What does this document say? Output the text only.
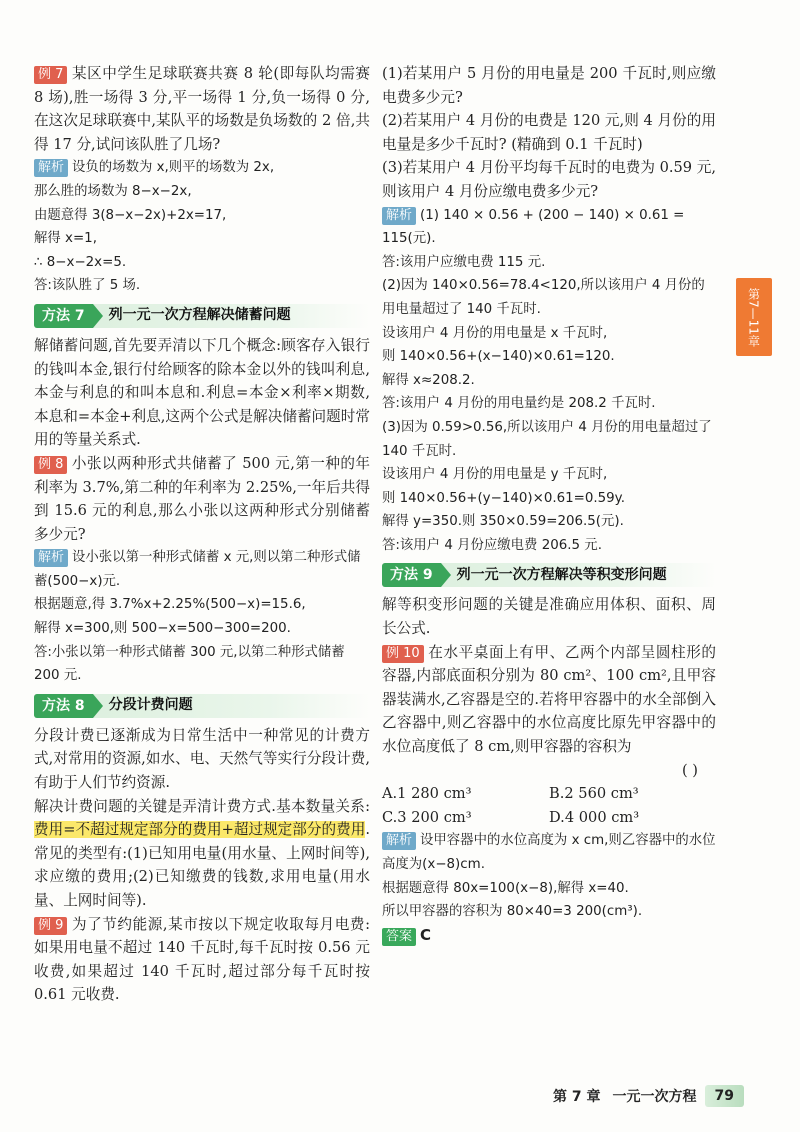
例 7 某区中学生足球联赛共赛 8 轮(即每队均需赛 8 场),胜一场得 3 分,平一场得 1 分,负一场得 0 分,在这次足球联赛中,某队平的场数是负场数的 2 倍,共得 17 分,试问该队胜了几场?

解析 设负的场数为 x,则平的场数为 2x,
那么胜的场数为 8−x−2x,
由题意得 3(8−x−2x)+2x=17,
解得 x=1,
∴ 8−x−2x=5.
答:该队胜了 5 场.
方法 7	列一元一次方程解决储蓄问题

解储蓄问题,首先要弄清以下几个概念:顾客存入银行的钱叫本金,银行付给顾客的除本金以外的钱叫利息,本金与利息的和叫本息和.利息=本金×利率×期数,本息和=本金+利息,这两个公式是解决储蓄问题时常用的等量关系式.

例 8 小张以两种形式共储蓄了 500 元,第一种的年利率为 3.7%,第二种的年利率为 2.25%,一年后共得到 15.6 元的利息,那么小张以这两种形式分别储蓄多少元?

解析 设小张以第一种形式储蓄 x 元,则以第二种形式储蓄(500−x)元.
根据题意,得 3.7%x+2.25%(500−x)=15.6,
解得 x=300,则 500−x=500−300=200.
答:小张以第一种形式储蓄 300 元,以第二种形式储蓄 200 元.
方法 8	分段计费问题

分段计费已逐渐成为日常生活中一种常见的计费方式,对常用的资源,如水、电、天然气等实行分段计费,有助于人们节约资源.

解决计费问题的关键是弄清计费方式.基本数量关系:费用=不超过规定部分的费用+超过规定部分的费用.常见的类型有:(1)已知用电量(用水量、上网时间等),求应缴的费用;(2)已知缴费的钱数,求用电量(用水量、上网时间等).

例 9 为了节约能源,某市按以下规定收取每月电费:如果用电量不超过 140 千瓦时,每千瓦时按 0.56 元收费,如果超过 140 千瓦时,超过部分每千瓦时按 0.61 元收费.

(1)若某用户 5 月份的用电量是 200 千瓦时,则应缴电费多少元?

(2)若某用户 4 月份的电费是 120 元,则 4 月份的用电量是多少千瓦时? (精确到 0.1 千瓦时)

(3)若某用户 4 月份平均每千瓦时的电费为 0.59 元,则该用户 4 月份应缴电费多少元?

解析 (1) 140 × 0.56 + (200 − 140) × 0.61 = 115(元).
答:该用户应缴电费 115 元.
(2)因为 140×0.56=78.4<120,所以该用户 4 月份的用电量超过了 140 千瓦时.
设该用户 4 月份的用电量是 x 千瓦时,
则 140×0.56+(x−140)×0.61=120.
解得 x≈208.2.
答:该用户 4 月份的用电量约是 208.2 千瓦时.
(3)因为 0.59>0.56,所以该用户 4 月份的用电量超过了 140 千瓦时.
设该用户 4 月份的用电量是 y 千瓦时,
则 140×0.56+(y−140)×0.61=0.59y.
解得 y=350.则 350×0.59=206.5(元).
答:该用户 4 月份应缴电费 206.5 元.
方法 9	列一元一次方程解决等积变形问题

解等积变形问题的关键是准确应用体积、面积、周长公式.

例 10 在水平桌面上有甲、乙两个内部呈圆柱形的容器,内部底面积分别为 80 cm²、100 cm²,且甲容器装满水,乙容器是空的.若将甲容器中的水全部倒入乙容器中,则乙容器中的水位高度比原先甲容器中的水位高度低了 8 cm,则甲容器的容积为

( )
A.1 280 cm³	B.2 560 cm³
C.3 200 cm³	D.4 000 cm³
解析 设甲容器中的水位高度为 x cm,则乙容器中的水位高度为(x−8)cm.
根据题意得 80x=100(x−8),解得 x=40.
所以甲容器的容积为 80×40=3 200(cm³).
答案 C
第7—11章
第 7 章 一元一次方程	79
